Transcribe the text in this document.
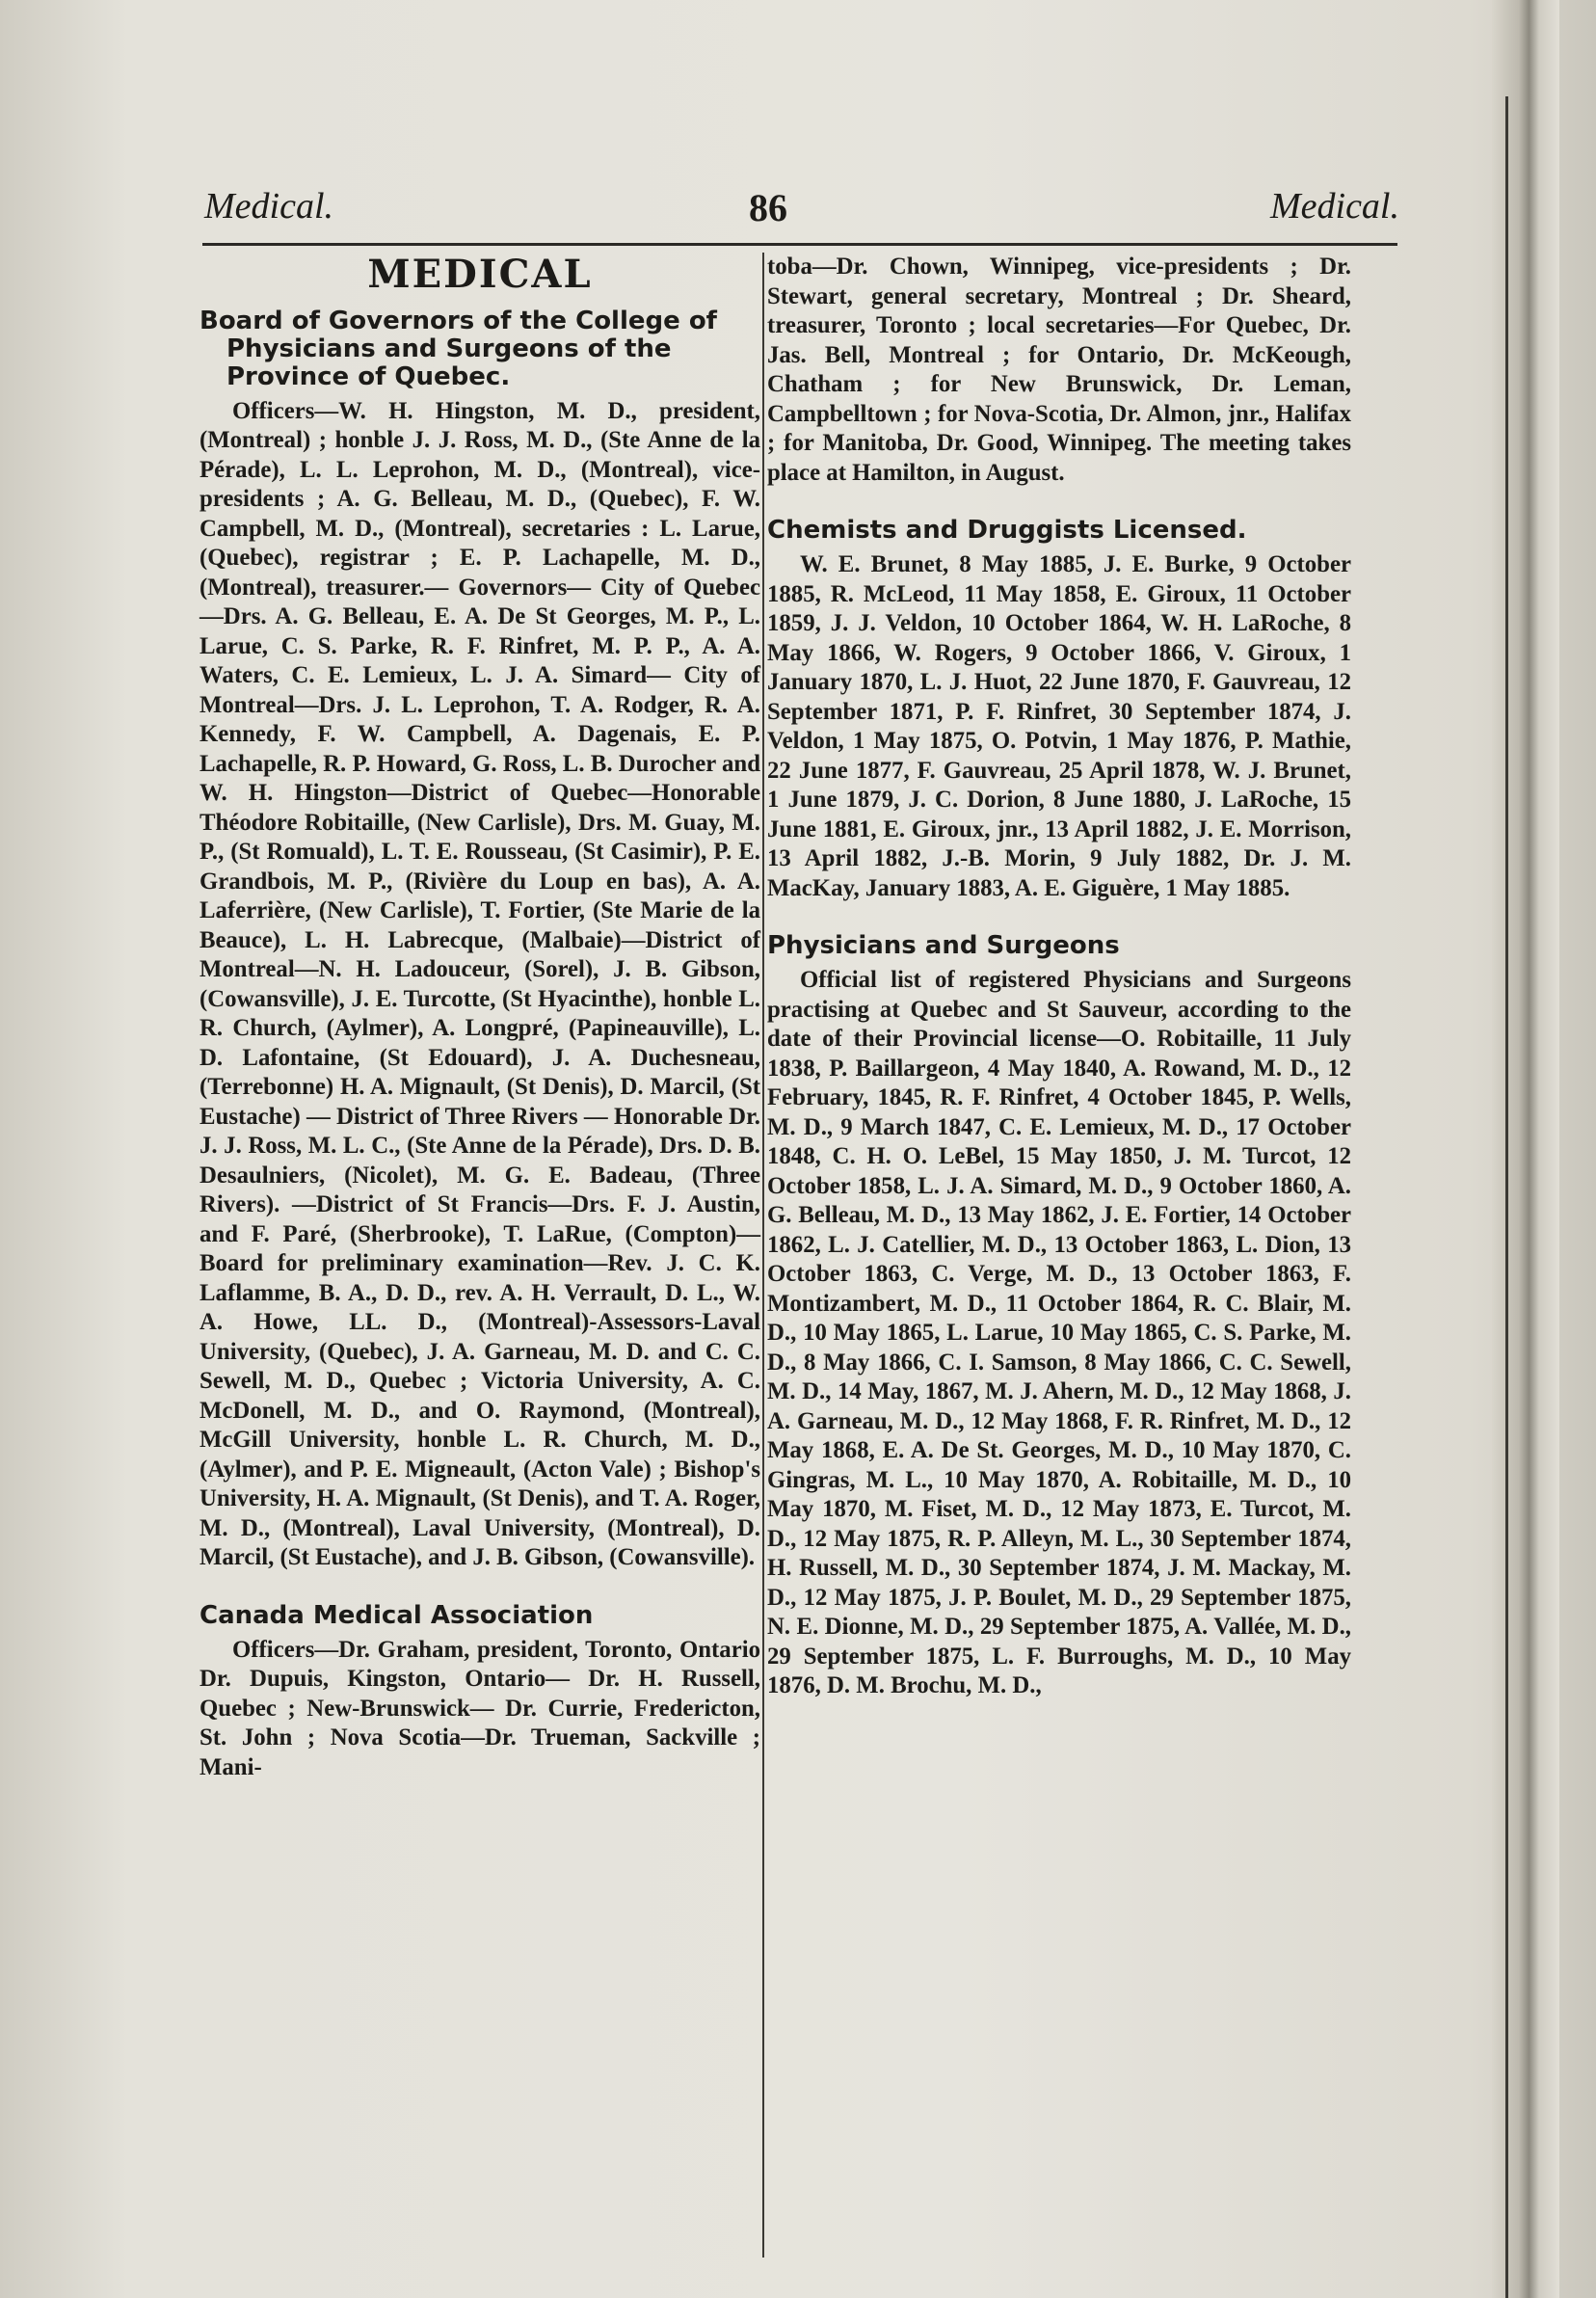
Medical.	86	Medical.
MEDICAL
Board of Governors of the College of Physicians and Surgeons of the Province of Quebec.

Officers—W. H. Hingston, M. D., president, (Montreal) ; honble J. J. Ross, M. D., (Ste Anne de la Pérade), L. L. Leprohon, M. D., (Montreal), vice-presidents ; A. G. Belleau, M. D., (Quebec), F. W. Campbell, M. D., (Montreal), secretaries : L. Larue, (Quebec), registrar ; E. P. Lachapelle, M. D., (Montreal), treasurer.— Governors— City of Quebec—Drs. A. G. Belleau, E. A. De St Georges, M. P., L. Larue, C. S. Parke, R. F. Rinfret, M. P. P., A. A. Waters, C. E. Lemieux, L. J. A. Simard— City of Montreal—Drs. J. L. Leprohon, T. A. Rodger, R. A. Kennedy, F. W. Campbell, A. Dagenais, E. P. Lachapelle, R. P. Howard, G. Ross, L. B. Durocher and W. H. Hingston—District of Quebec—Honorable Théodore Robitaille, (New Carlisle), Drs. M. Guay, M. P., (St Romuald), L. T. E. Rousseau, (St Casimir), P. E. Grandbois, M. P., (Rivière du Loup en bas), A. A. Laferrière, (New Carlisle), T. Fortier, (Ste Marie de la Beauce), L. H. Labrecque, (Malbaie)—District of Montreal—N. H. Ladouceur, (Sorel), J. B. Gibson, (Cowansville), J. E. Turcotte, (St Hyacinthe), honble L. R. Church, (Aylmer), A. Longpré, (Papineauville), L. D. Lafontaine, (St Edouard), J. A. Duchesneau, (Terrebonne) H. A. Mignault, (St Denis), D. Marcil, (St Eustache) — District of Three Rivers — Honorable Dr. J. J. Ross, M. L. C., (Ste Anne de la Pérade), Drs. D. B. Desaulniers, (Nicolet), M. G. E. Badeau, (Three Rivers). —District of St Francis—Drs. F. J. Austin, and F. Paré, (Sherbrooke), T. LaRue, (Compton)—Board for preliminary examination—Rev. J. C. K. Laflamme, B. A., D. D., rev. A. H. Verrault, D. L., W. A. Howe, LL. D., (Montreal)-Assessors-Laval University, (Quebec), J. A. Garneau, M. D. and C. C. Sewell, M. D., Quebec ; Victoria University, A. C. McDonell, M. D., and O. Raymond, (Montreal), McGill University, honble L. R. Church, M. D., (Aylmer), and P. E. Migneault, (Acton Vale) ; Bishop's University, H. A. Mignault, (St Denis), and T. A. Roger, M. D., (Montreal), Laval University, (Montreal), D. Marcil, (St Eustache), and J. B. Gibson, (Cowansville).

Canada Medical Association

Officers—Dr. Graham, president, Toronto, Ontario Dr. Dupuis, Kingston, Ontario— Dr. H. Russell, Quebec ; New-Brunswick— Dr. Currie, Fredericton, St. John ; Nova Scotia—Dr. Trueman, Sackville ; Mani-

toba—Dr. Chown, Winnipeg, vice-presidents ; Dr. Stewart, general secretary, Montreal ; Dr. Sheard, treasurer, Toronto ; local secretaries—For Quebec, Dr. Jas. Bell, Montreal ; for Ontario, Dr. McKeough, Chatham ; for New Brunswick, Dr. Leman, Campbelltown ; for Nova-Scotia, Dr. Almon, jnr., Halifax ; for Manitoba, Dr. Good, Winnipeg. The meeting takes place at Hamilton, in August.

Chemists and Druggists Licensed.

W. E. Brunet, 8 May 1885, J. E. Burke, 9 October 1885, R. McLeod, 11 May 1858, E. Giroux, 11 October 1859, J. J. Veldon, 10 October 1864, W. H. LaRoche, 8 May 1866, W. Rogers, 9 October 1866, V. Giroux, 1 January 1870, L. J. Huot, 22 June 1870, F. Gauvreau, 12 September 1871, P. F. Rinfret, 30 September 1874, J. Veldon, 1 May 1875, O. Potvin, 1 May 1876, P. Mathie, 22 June 1877, F. Gauvreau, 25 April 1878, W. J. Brunet, 1 June 1879, J. C. Dorion, 8 June 1880, J. LaRoche, 15 June 1881, E. Giroux, jnr., 13 April 1882, J. E. Morrison, 13 April 1882, J.-B. Morin, 9 July 1882, Dr. J. M. MacKay, January 1883, A. E. Giguère, 1 May 1885.

Physicians and Surgeons

Official list of registered Physicians and Surgeons practising at Quebec and St Sauveur, according to the date of their Provincial license—O. Robitaille, 11 July 1838, P. Baillargeon, 4 May 1840, A. Rowand, M. D., 12 February, 1845, R. F. Rinfret, 4 October 1845, P. Wells, M. D., 9 March 1847, C. E. Lemieux, M. D., 17 October 1848, C. H. O. LeBel, 15 May 1850, J. M. Turcot, 12 October 1858, L. J. A. Simard, M. D., 9 October 1860, A. G. Belleau, M. D., 13 May 1862, J. E. Fortier, 14 October 1862, L. J. Catellier, M. D., 13 October 1863, L. Dion, 13 October 1863, C. Verge, M. D., 13 October 1863, F. Montizambert, M. D., 11 October 1864, R. C. Blair, M. D., 10 May 1865, L. Larue, 10 May 1865, C. S. Parke, M. D., 8 May 1866, C. I. Samson, 8 May 1866, C. C. Sewell, M. D., 14 May, 1867, M. J. Ahern, M. D., 12 May 1868, J. A. Garneau, M. D., 12 May 1868, F. R. Rinfret, M. D., 12 May 1868, E. A. De St. Georges, M. D., 10 May 1870, C. Gingras, M. L., 10 May 1870, A. Robitaille, M. D., 10 May 1870, M. Fiset, M. D., 12 May 1873, E. Turcot, M. D., 12 May 1875, R. P. Alleyn, M. L., 30 September 1874, H. Russell, M. D., 30 September 1874, J. M. Mackay, M. D., 12 May 1875, J. P. Boulet, M. D., 29 September 1875, N. E. Dionne, M. D., 29 September 1875, A. Vallée, M. D., 29 September 1875, L. F. Burroughs, M. D., 10 May 1876, D. M. Brochu, M. D.,
